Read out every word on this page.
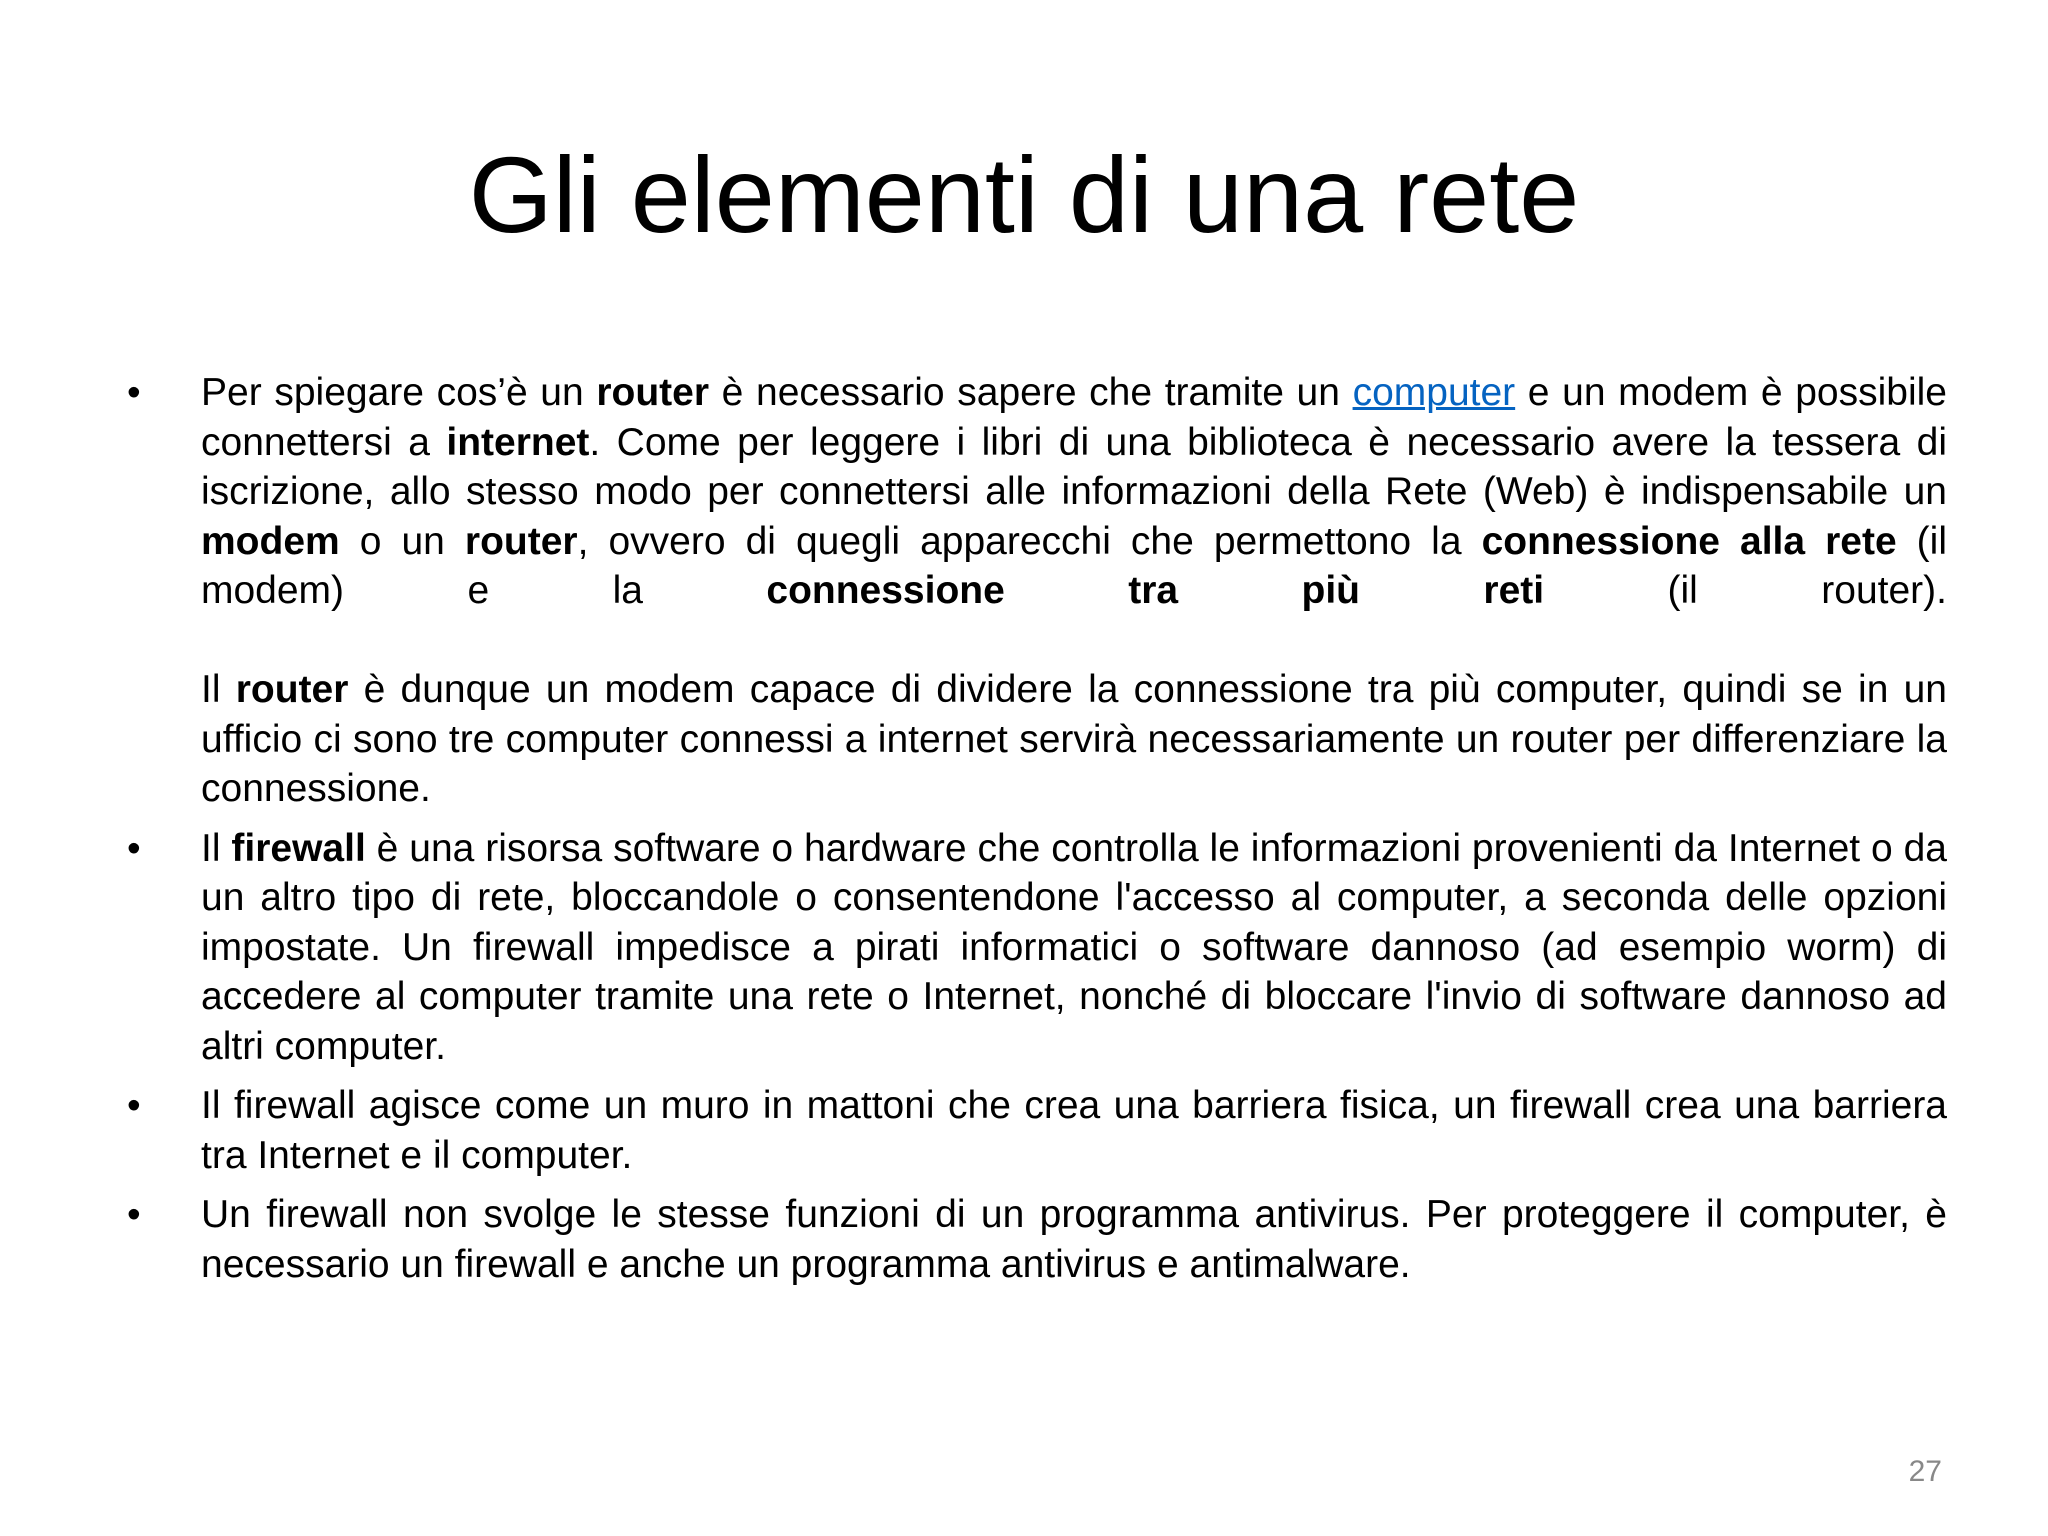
Gli elementi di una rete
•	Per spiegare cos’è un router è necessario sapere che tramite un computer e un modem è possibile connettersi a internet. Come per leggere i libri di una biblioteca è necessario avere la tessera di iscrizione, allo stesso modo per connettersi alle informazioni della Rete (Web) è indispensabile un modem o un router, ovvero di quegli apparecchi che permettono la connessione alla rete (il modem) e la connessione tra più reti (il router).
Il router è dunque un modem capace di dividere la connessione tra più computer, quindi se in un ufficio ci sono tre computer connessi a internet servirà necessariamente un router per differenziare la connessione.
•	Il firewall è una risorsa software o hardware che controlla le informazioni provenienti da Internet o da un altro tipo di rete, bloccandole o consentendone l'accesso al computer, a seconda delle opzioni impostate. Un firewall impedisce a pirati informatici o software dannoso (ad esempio worm) di accedere al computer tramite una rete o Internet, nonché di bloccare l'invio di software dannoso ad altri computer.
•	Il firewall agisce come un muro in mattoni che crea una barriera fisica, un firewall crea una barriera tra Internet e il computer.
•	Un firewall non svolge le stesse funzioni di un programma antivirus. Per proteggere il computer, è necessario un firewall e anche un programma antivirus e antimalware.
27
